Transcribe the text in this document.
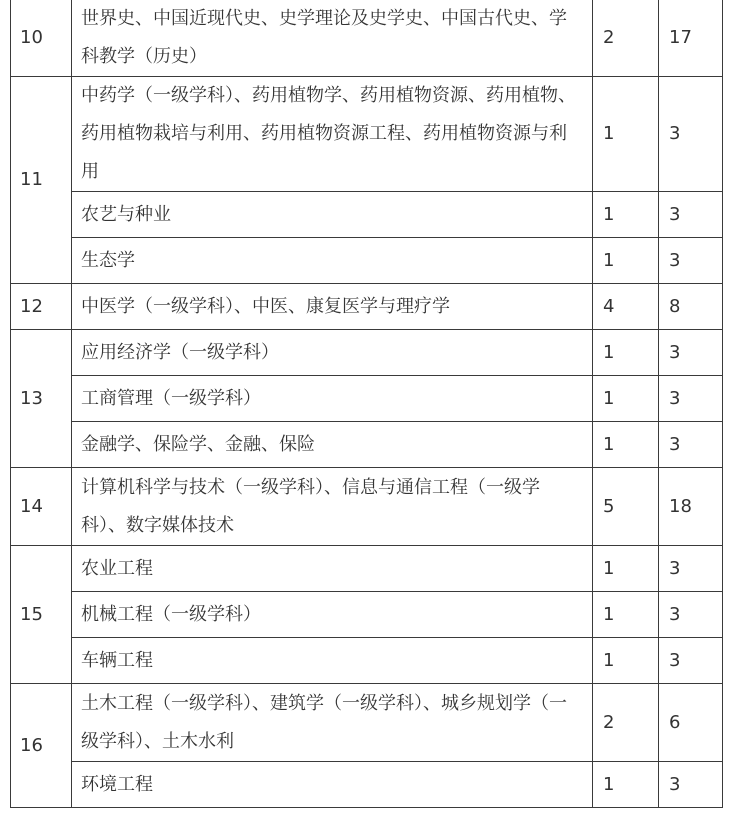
10	世界史、中国近现代史、史学理论及史学史、中国古代史、学科教学（历史）	2	17
11	中药学（一级学科）、药用植物学、药用植物资源、药用植物、药用植物栽培与利用、药用植物资源工程、药用植物资源与利用	1	3
	农艺与种业	1	3
	生态学	1	3
12	中医学（一级学科）、中医、康复医学与理疗学	4	8
13	应用经济学（一级学科）	1	3
	工商管理（一级学科）	1	3
	金融学、保险学、金融、保险	1	3
14	计算机科学与技术（一级学科）、信息与通信工程（一级学科）、数字媒体技术	5	18
15	农业工程	1	3
	机械工程（一级学科）	1	3
	车辆工程	1	3
16	土木工程（一级学科）、建筑学（一级学科）、城乡规划学（一级学科）、土木水利	2	6
	环境工程	1	3
